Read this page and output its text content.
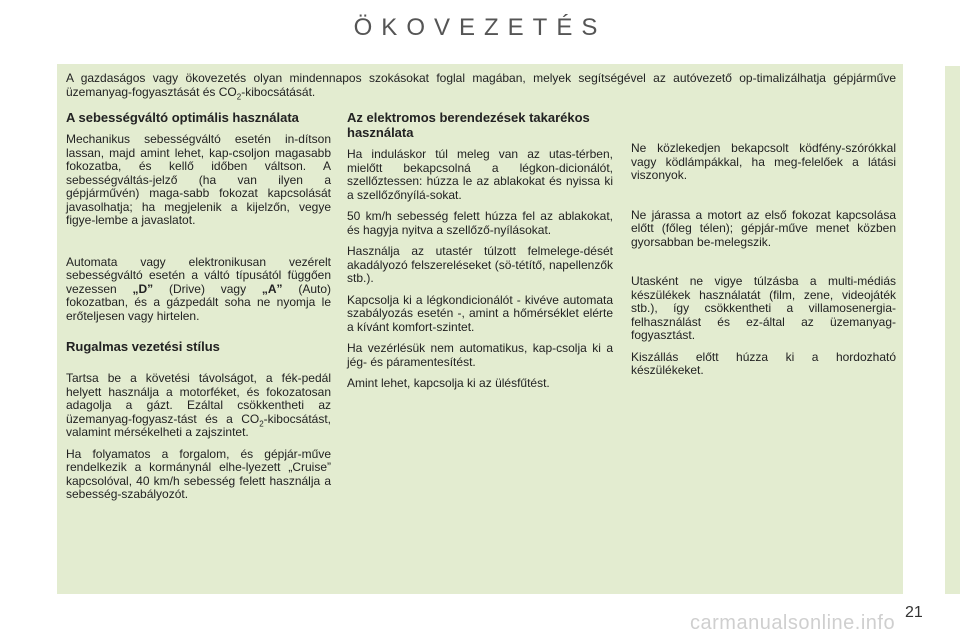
ÖKOVEZETÉS

A gazdaságos vagy ökovezetés olyan mindennapos szokásokat foglal magában, melyek segítségével az autóvezető op-timalizálhatja gépjárműve üzemanyag-fogyasztását és $CO_2$-kibocsátását.

A sebességváltó optimális használata

Mechanikus sebességváltó esetén in-dítson lassan, majd amint lehet, kap-csoljon magasabb fokozatba, és kellő időben váltson. A sebességváltás-jelző (ha van ilyen a gépjárművén) maga-sabb fokozat kapcsolását javasolhatja; ha megjelenik a kijelzőn, vegye figye-lembe a javaslatot.

Automata vagy elektronikusan vezérelt sebességváltó esetén a váltó típusától függően vezessen „D” (Drive) vagy „A” (Auto) fokozatban, és a gázpedált soha ne nyomja le erőteljesen vagy hirtelen.

Rugalmas vezetési stílus

Tartsa be a követési távolságot, a fék-pedál helyett használja a motorféket, és fokozatosan adagolja a gázt. Ezáltal csökkentheti az üzemanyag-fogyasz-tást és a $CO_2$-kibocsátást, valamint mérsékelheti a zajszintet.

Ha folyamatos a forgalom, és gépjár-műve rendelkezik a kormánynál elhe-lyezett „Cruise” kapcsolóval, 40 km/h sebesség felett használja a sebesség-szabályozót.

Az elektromos berendezések takarékos használata

Ha induláskor túl meleg van az utas-térben, mielőtt bekapcsolná a légkon-dicionálót, szellőztessen: húzza le az ablakokat és nyissa ki a szellőzőnyílá-sokat.

50 km/h sebesség felett húzza fel az ablakokat, és hagyja nyitva a szellőző-nyílásokat.

Használja az utastér túlzott felmelege-dését akadályozó felszereléseket (sö-tétítő, napellenzők stb.).

Kapcsolja ki a légkondicionálót - kivéve automata szabályozás esetén -, amint a hőmérséklet elérte a kívánt komfort-szintet.

Ha vezérlésük nem automatikus, kap-csolja ki a jég- és páramentesítést.

Amint lehet, kapcsolja ki az ülésfűtést.

Ne közlekedjen bekapcsolt ködfény-szórókkal vagy ködlámpákkal, ha meg-felelőek a látási viszonyok.

Ne járassa a motort az első fokozat kapcsolása előtt (főleg télen); gépjár-műve menet közben gyorsabban be-melegszik.

Utasként ne vigye túlzásba a multi-médiás készülékek használatát (film, zene, videojáték stb.), így csökkentheti a villamosenergia-felhasználást és ez-által az üzemanyag-fogyasztást.

Kiszállás előtt húzza ki a hordozható készülékeket.

21
carmanualsonline.info
